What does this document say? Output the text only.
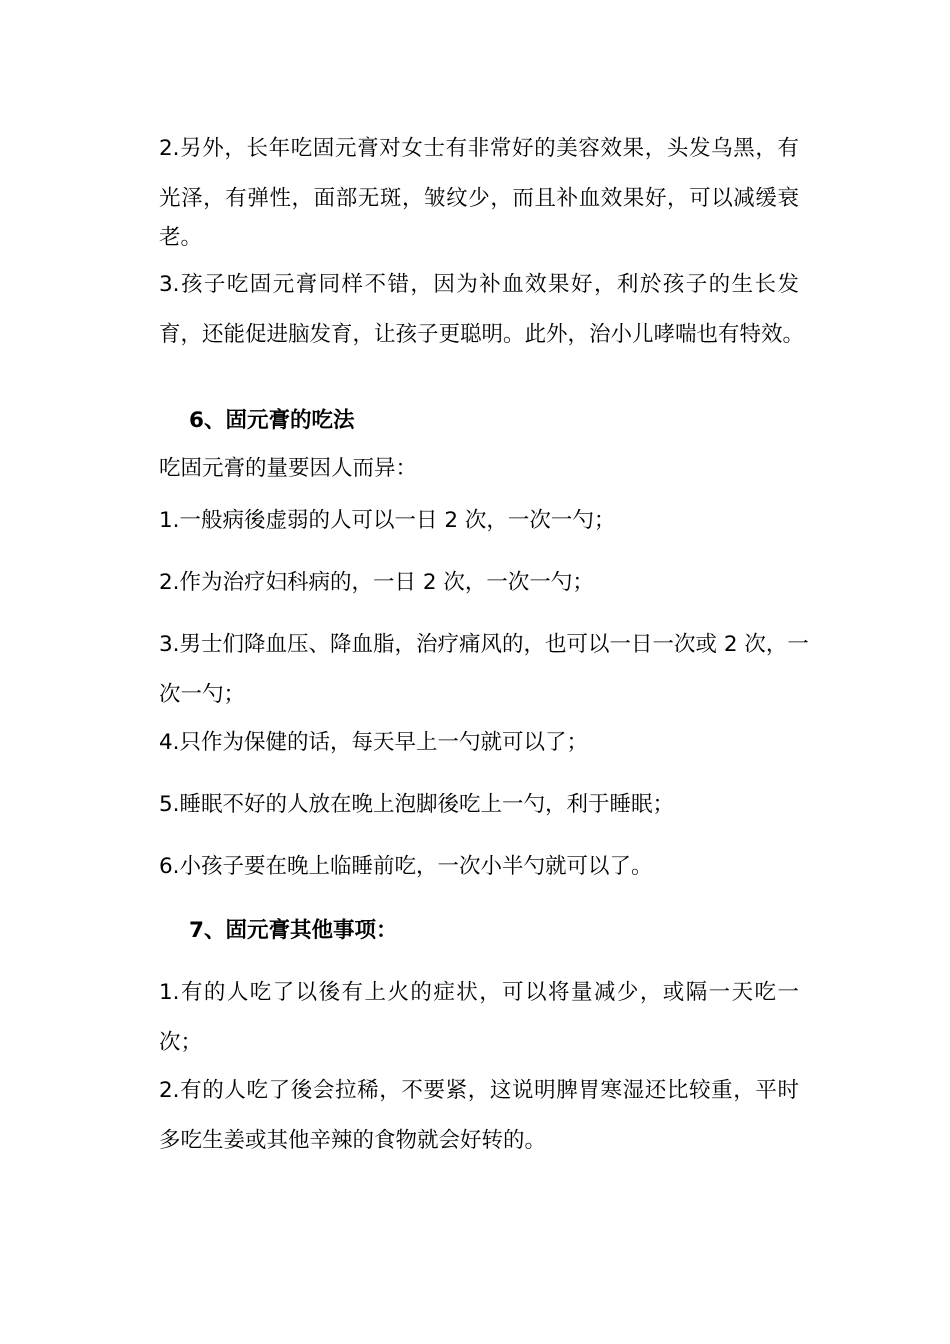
2.另外，长年吃固元膏对女士有非常好的美容效果，头发乌黑，有
光泽，有弹性，面部无斑，皱纹少，而且补血效果好，可以减缓衰
老。
3.孩子吃固元膏同样不错，因为补血效果好，利於孩子的生长发
育，还能促进脑发育，让孩子更聪明。此外，治小儿哮喘也有特效。
6、固元膏的吃法
吃固元膏的量要因人而异：
1.一般病後虚弱的人可以一日 2 次，一次一勺；
2.作为治疗妇科病的，一日 2 次，一次一勺；
3.男士们降血压、降血脂，治疗痛风的，也可以一日一次或 2 次，一
次一勺；
4.只作为保健的话，每天早上一勺就可以了；
5.睡眠不好的人放在晚上泡脚後吃上一勺，利于睡眠；
6.小孩子要在晚上临睡前吃，一次小半勺就可以了。
7、固元膏其他事项：
1.有的人吃了以後有上火的症状，可以将量减少，或隔一天吃一
次；
2.有的人吃了後会拉稀，不要紧，这说明脾胃寒湿还比较重，平时
多吃生姜或其他辛辣的食物就会好转的。
